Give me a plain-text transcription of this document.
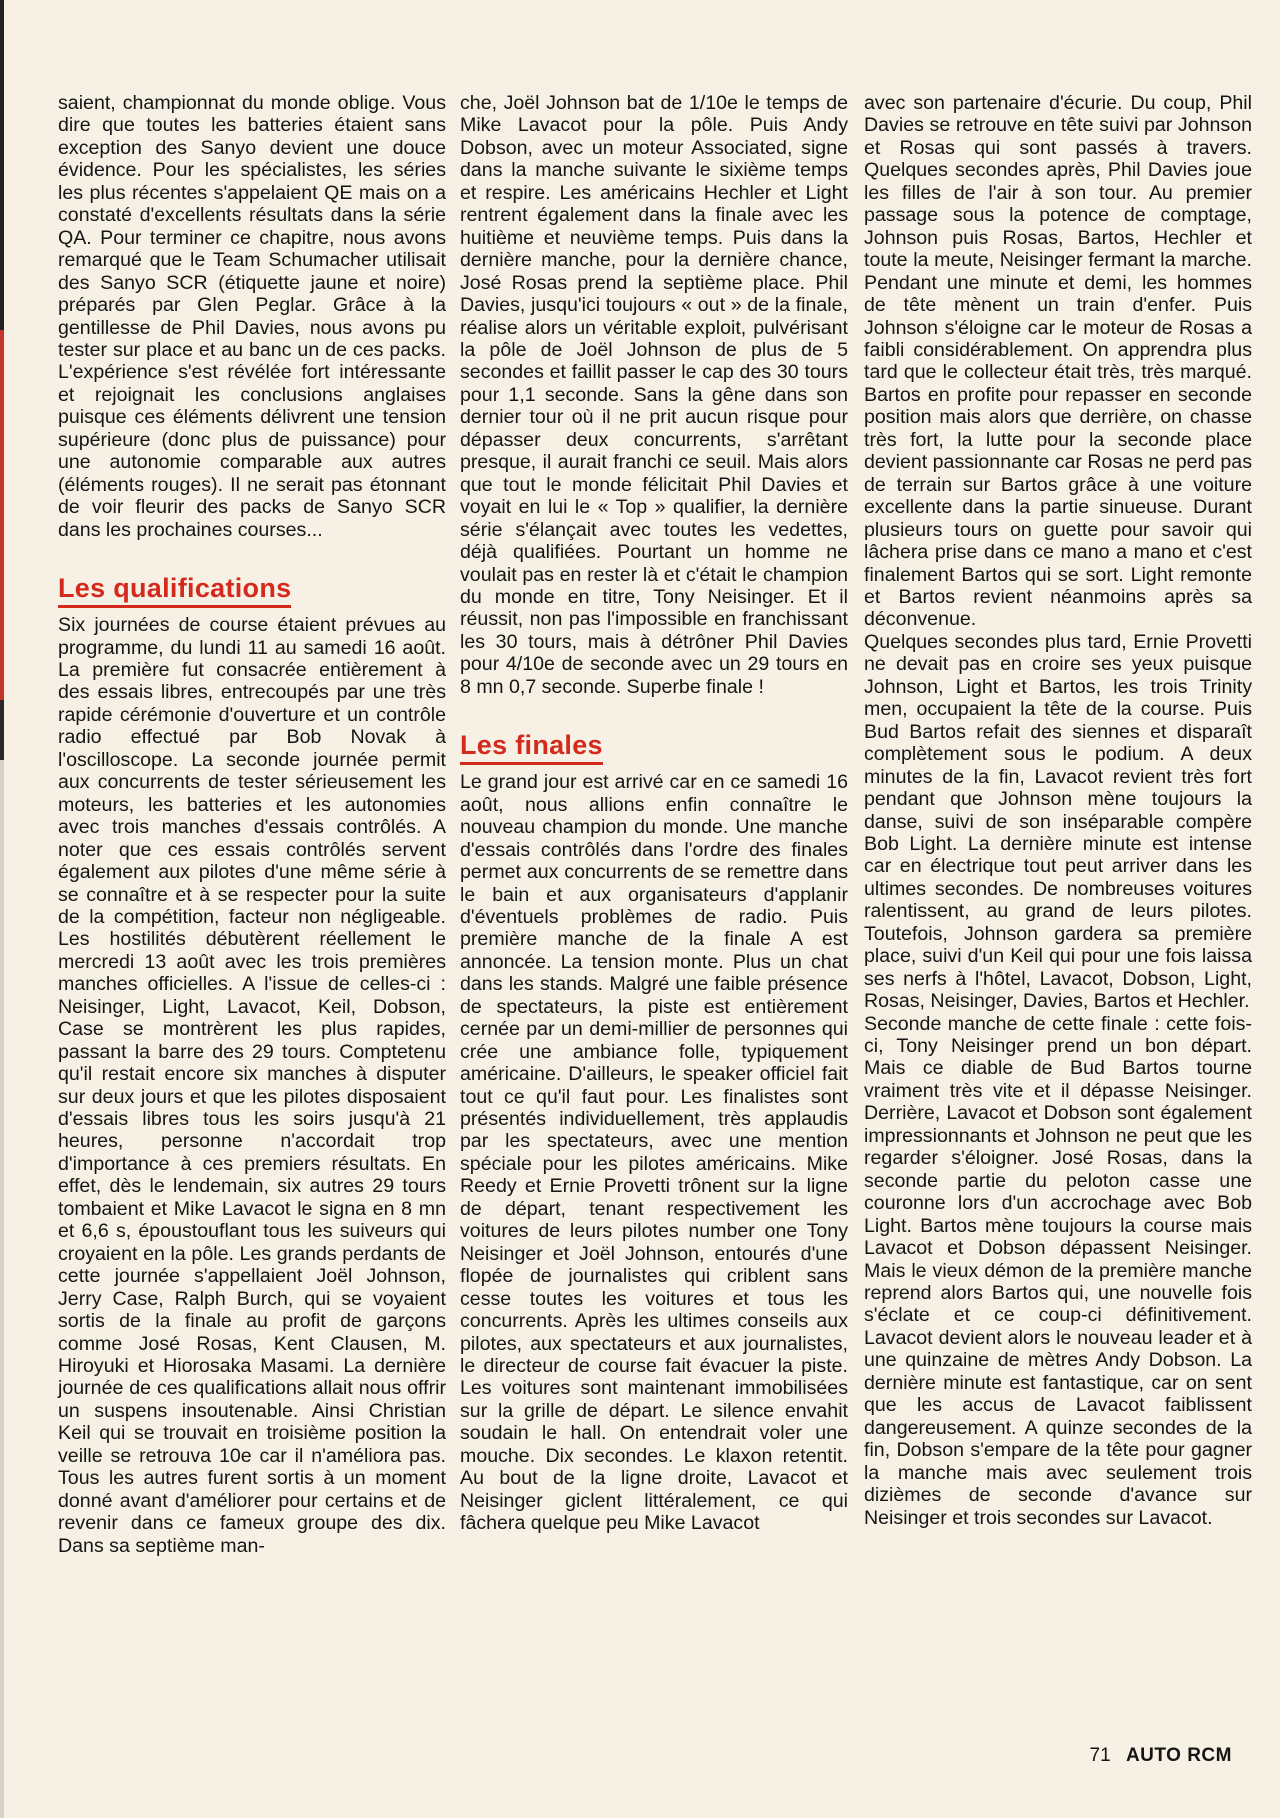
saient, championnat du monde oblige. Vous dire que toutes les batteries étaient sans exception des Sanyo devient une douce évidence. Pour les spécialistes, les séries les plus récentes s'appelaient QE mais on a constaté d'excellents résultats dans la série QA. Pour terminer ce chapitre, nous avons remarqué que le Team Schumacher utilisait des Sanyo SCR (étiquette jaune et noire) préparés par Glen Peglar. Grâce à la gentillesse de Phil Davies, nous avons pu tester sur place et au banc un de ces packs. L'expérience s'est révélée fort intéressante et rejoignait les conclusions anglaises puisque ces éléments délivrent une tension supérieure (donc plus de puissance) pour une autonomie comparable aux autres (éléments rouges). Il ne serait pas étonnant de voir fleurir des packs de Sanyo SCR dans les prochaines courses...

Les qualifications

Six journées de course étaient prévues au programme, du lundi 11 au samedi 16 août. La première fut consacrée entièrement à des essais libres, entrecoupés par une très rapide cérémonie d'ouverture et un contrôle radio effectué par Bob Novak à l'oscilloscope. La seconde journée permit aux concurrents de tester sérieusement les moteurs, les batteries et les autonomies avec trois manches d'essais contrôlés. A noter que ces essais contrôlés servent également aux pilotes d'une même série à se connaître et à se respecter pour la suite de la compétition, facteur non négligeable. Les hostilités débutèrent réellement le mercredi 13 août avec les trois premières manches officielles. A l'issue de celles-ci : Neisinger, Light, Lavacot, Keil, Dobson, Case se montrèrent les plus rapides, passant la barre des 29 tours. Comptetenu qu'il restait encore six manches à disputer sur deux jours et que les pilotes disposaient d'essais libres tous les soirs jusqu'à 21 heures, personne n'accordait trop d'importance à ces premiers résultats. En effet, dès le lendemain, six autres 29 tours tombaient et Mike Lavacot le signa en 8 mn et 6,6 s, époustouflant tous les suiveurs qui croyaient en la pôle. Les grands perdants de cette journée s'appellaient Joël Johnson, Jerry Case, Ralph Burch, qui se voyaient sortis de la finale au profit de garçons comme José Rosas, Kent Clausen, M. Hiroyuki et Hiorosaka Masami. La dernière journée de ces qualifications allait nous offrir un suspens insoutenable. Ainsi Christian Keil qui se trouvait en troisième position la veille se retrouva 10e car il n'améliora pas. Tous les autres furent sortis à un moment donné avant d'améliorer pour certains et de revenir dans ce fameux groupe des dix. Dans sa septième man-

che, Joël Johnson bat de 1/10e le temps de Mike Lavacot pour la pôle. Puis Andy Dobson, avec un moteur Associated, signe dans la manche suivante le sixième temps et respire. Les américains Hechler et Light rentrent également dans la finale avec les huitième et neuvième temps. Puis dans la dernière manche, pour la dernière chance, José Rosas prend la septième place. Phil Davies, jusqu'ici toujours « out » de la finale, réalise alors un véritable exploit, pulvérisant la pôle de Joël Johnson de plus de 5 secondes et faillit passer le cap des 30 tours pour 1,1 seconde. Sans la gêne dans son dernier tour où il ne prit aucun risque pour dépasser deux concurrents, s'arrêtant presque, il aurait franchi ce seuil. Mais alors que tout le monde félicitait Phil Davies et voyait en lui le « Top » qualifier, la dernière série s'élançait avec toutes les vedettes, déjà qualifiées. Pourtant un homme ne voulait pas en rester là et c'était le champion du monde en titre, Tony Neisinger. Et il réussit, non pas l'impossible en franchissant les 30 tours, mais à détrôner Phil Davies pour 4/10e de seconde avec un 29 tours en 8 mn 0,7 seconde. Superbe finale !

Les finales

Le grand jour est arrivé car en ce samedi 16 août, nous allions enfin connaître le nouveau champion du monde. Une manche d'essais contrôlés dans l'ordre des finales permet aux concurrents de se remettre dans le bain et aux organisateurs d'applanir d'éventuels problèmes de radio. Puis première manche de la finale A est annoncée. La tension monte. Plus un chat dans les stands. Malgré une faible présence de spectateurs, la piste est entièrement cernée par un demi-millier de personnes qui crée une ambiance folle, typiquement américaine. D'ailleurs, le speaker officiel fait tout ce qu'il faut pour. Les finalistes sont présentés individuellement, très applaudis par les spectateurs, avec une mention spéciale pour les pilotes américains. Mike Reedy et Ernie Provetti trônent sur la ligne de départ, tenant respectivement les voitures de leurs pilotes number one Tony Neisinger et Joël Johnson, entourés d'une flopée de journalistes qui criblent sans cesse toutes les voitures et tous les concurrents. Après les ultimes conseils aux pilotes, aux spectateurs et aux journalistes, le directeur de course fait évacuer la piste. Les voitures sont maintenant immobilisées sur la grille de départ. Le silence envahit soudain le hall. On entendrait voler une mouche. Dix secondes. Le klaxon retentit. Au bout de la ligne droite, Lavacot et Neisinger giclent littéralement, ce qui fâchera quelque peu Mike Lavacot

avec son partenaire d'écurie. Du coup, Phil Davies se retrouve en tête suivi par Johnson et Rosas qui sont passés à travers. Quelques secondes après, Phil Davies joue les filles de l'air à son tour. Au premier passage sous la potence de comptage, Johnson puis Rosas, Bartos, Hechler et toute la meute, Neisinger fermant la marche. Pendant une minute et demi, les hommes de tête mènent un train d'enfer. Puis Johnson s'éloigne car le moteur de Rosas a faibli considérablement. On apprendra plus tard que le collecteur était très, très marqué. Bartos en profite pour repasser en seconde position mais alors que derrière, on chasse très fort, la lutte pour la seconde place devient passionnante car Rosas ne perd pas de terrain sur Bartos grâce à une voiture excellente dans la partie sinueuse. Durant plusieurs tours on guette pour savoir qui lâchera prise dans ce mano a mano et c'est finalement Bartos qui se sort. Light remonte et Bartos revient néanmoins après sa déconvenue.

Quelques secondes plus tard, Ernie Provetti ne devait pas en croire ses yeux puisque Johnson, Light et Bartos, les trois Trinity men, occupaient la tête de la course. Puis Bud Bartos refait des siennes et disparaît complètement sous le podium. A deux minutes de la fin, Lavacot revient très fort pendant que Johnson mène toujours la danse, suivi de son inséparable compère Bob Light. La dernière minute est intense car en électrique tout peut arriver dans les ultimes secondes. De nombreuses voitures ralentissent, au grand de leurs pilotes. Toutefois, Johnson gardera sa première place, suivi d'un Keil qui pour une fois laissa ses nerfs à l'hôtel, Lavacot, Dobson, Light, Rosas, Neisinger, Davies, Bartos et Hechler.

Seconde manche de cette finale : cette fois-ci, Tony Neisinger prend un bon départ. Mais ce diable de Bud Bartos tourne vraiment très vite et il dépasse Neisinger. Derrière, Lavacot et Dobson sont également impressionnants et Johnson ne peut que les regarder s'éloigner. José Rosas, dans la seconde partie du peloton casse une couronne lors d'un accrochage avec Bob Light. Bartos mène toujours la course mais Lavacot et Dobson dépassent Neisinger. Mais le vieux démon de la première manche reprend alors Bartos qui, une nouvelle fois s'éclate et ce coup-ci définitivement. Lavacot devient alors le nouveau leader et à une quinzaine de mètres Andy Dobson. La dernière minute est fantastique, car on sent que les accus de Lavacot faiblissent dangereusement. A quinze secondes de la fin, Dobson s'empare de la tête pour gagner la manche mais avec seulement trois dizièmes de seconde d'avance sur Neisinger et trois secondes sur Lavacot.

71 AUTO RCM
